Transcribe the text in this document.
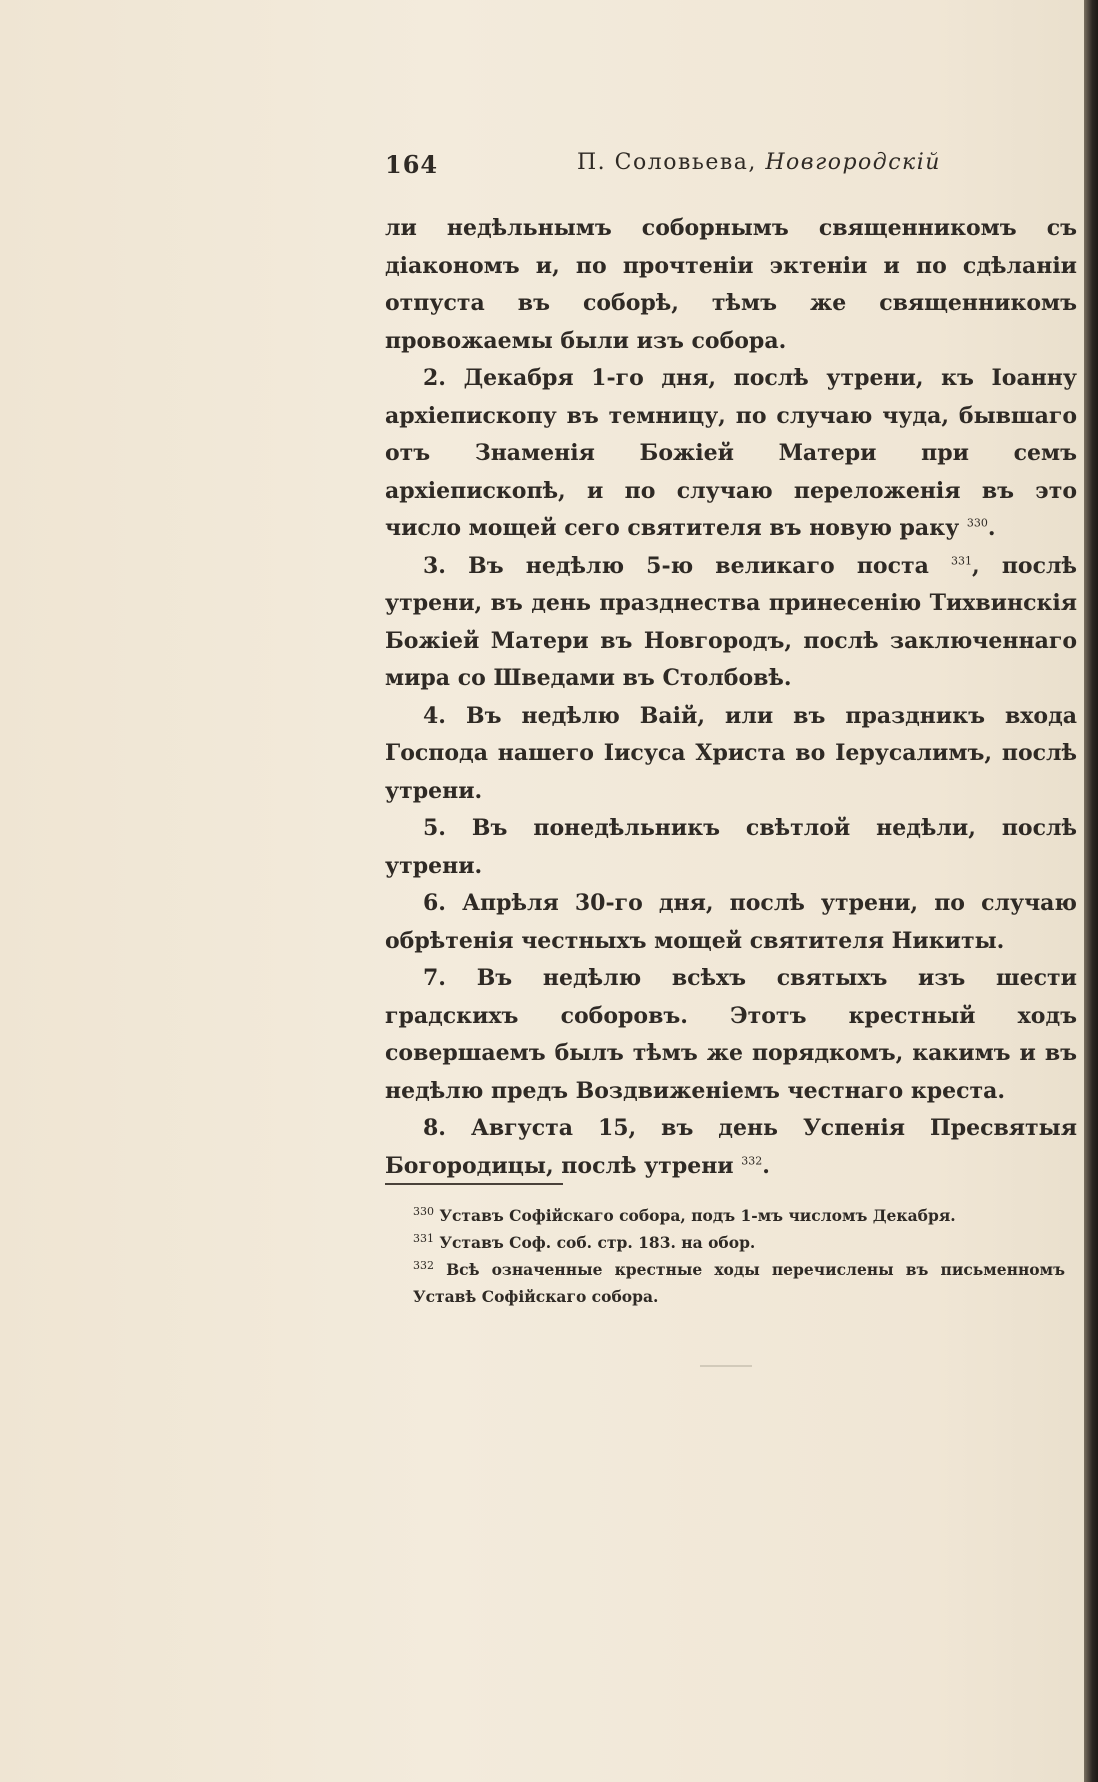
164	П. Соловьева, Новгородскій

ли недѣльнымъ соборнымъ священникомъ съ діакономъ и, по прочтеніи эктеніи и по сдѣланіи отпуста въ соборѣ, тѣмъ же священникомъ провожаемы были изъ собора.

2. Декабря 1-го дня, послѣ утрени, къ Іоанну архіепископу въ темницу, по случаю чуда, бывшаго отъ Знаменія Божіей Матери при семъ архіепископѣ, и по случаю переложенія въ это число мощей сего святителя въ новую раку $^{330}$.

3. Въ недѣлю 5-ю великаго поста $^{331}$, послѣ утрени, въ день празднества принесенію Тихвинскія Божіей Матери въ Новгородъ, послѣ заключеннаго мира со Шведами въ Столбовѣ.

4. Въ недѣлю Ваій, или въ праздникъ входа Господа нашего Іисуса Христа во Іерусалимъ, послѣ утрени.

5. Въ понедѣльникъ свѣтлой недѣли, послѣ утрени.

6. Апрѣля 30-го дня, послѣ утрени, по случаю обрѣтенія честныхъ мощей святителя Никиты.

7. Въ недѣлю всѣхъ святыхъ изъ шести градскихъ соборовъ. Этотъ крестный ходъ совершаемъ былъ тѣмъ же порядкомъ, какимъ и въ недѣлю предъ Воздвиженіемъ честнаго креста.

8. Августа 15, въ день Успенія Пресвятыя Богородицы, послѣ утрени $^{332}$.

$^{330}$ Уставъ Софійскаго собора, подъ 1-мъ числомъ Декабря.

$^{331}$ Уставъ Соф. соб. стр. 183. на обор.

$^{332}$ Всѣ означенные крестные ходы перечислены въ письменномъ Уставѣ Софійскаго собора.
